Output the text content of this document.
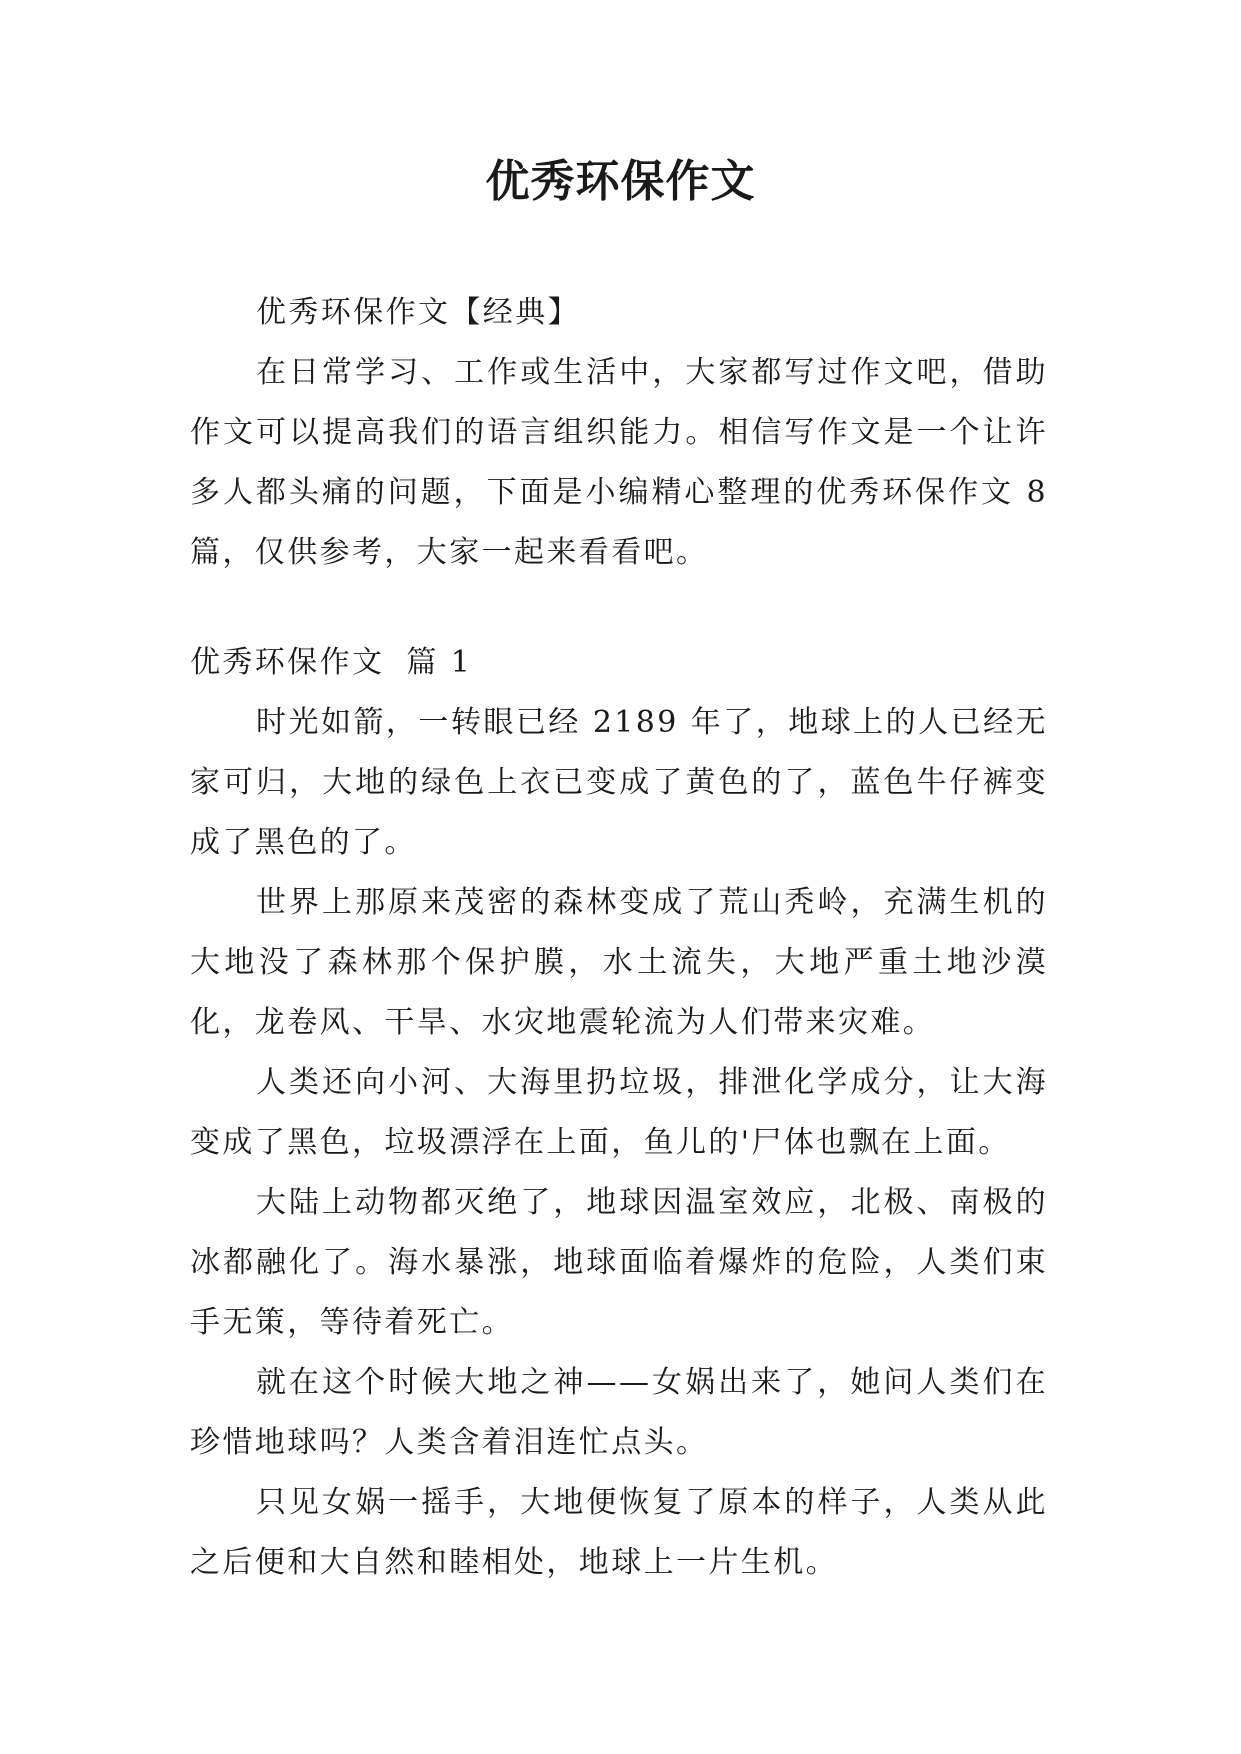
优秀环保作文

优秀环保作文【经典】

在日常学习、工作或生活中，大家都写过作文吧，借助作文可以提高我们的语言组织能力。相信写作文是一个让许多人都头痛的问题，下面是小编精心整理的优秀环保作文 8 篇，仅供参考，大家一起来看看吧。

优秀环保作文 篇 1

时光如箭，一转眼已经 2189 年了，地球上的人已经无家可归，大地的绿色上衣已变成了黄色的了，蓝色牛仔裤变成了黑色的了。

世界上那原来茂密的森林变成了荒山秃岭，充满生机的大地没了森林那个保护膜，水土流失，大地严重土地沙漠化，龙卷风、干旱、水灾地震轮流为人们带来灾难。

人类还向小河、大海里扔垃圾，排泄化学成分，让大海变成了黑色，垃圾漂浮在上面，鱼儿的'尸体也飘在上面。

大陆上动物都灭绝了，地球因温室效应，北极、南极的冰都融化了。海水暴涨，地球面临着爆炸的危险，人类们束手无策，等待着死亡。

就在这个时候大地之神——女娲出来了，她问人类们在珍惜地球吗？人类含着泪连忙点头。

只见女娲一摇手，大地便恢复了原本的样子，人类从此之后便和大自然和睦相处，地球上一片生机。
